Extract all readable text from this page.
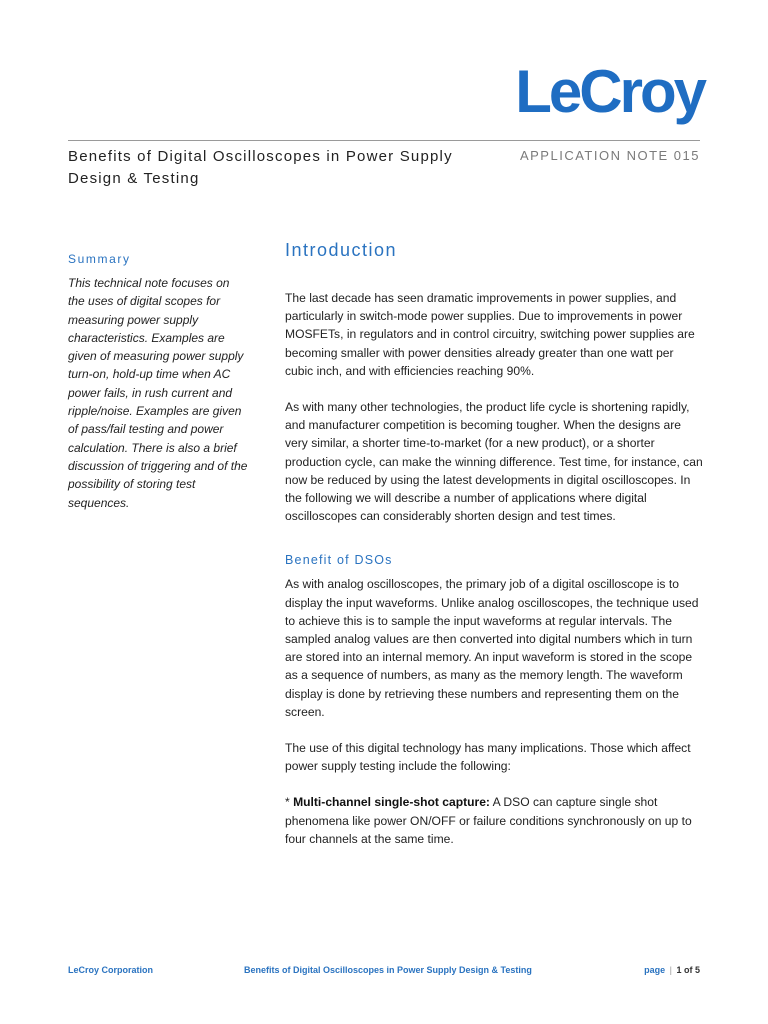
LeCroy
Benefits of Digital Oscilloscopes in Power Supply Design & Testing
APPLICATION NOTE 015
Summary

This technical note focuses on the uses of digital scopes for measuring power supply characteristics. Examples are given of measuring power supply turn-on, hold-up time when AC power fails, in rush current and ripple/noise. Examples are given of pass/fail testing and power calculation. There is also a brief discussion of triggering and of the possibility of storing test sequences.

Introduction

The last decade has seen dramatic improvements in power supplies, and particularly in switch-mode power supplies. Due to improvements in power MOSFETs, in regulators and in control circuitry, switching power supplies are becoming smaller with power densities already greater than one watt per cubic inch, and with efficiencies reaching 90%.

As with many other technologies, the product life cycle is shortening rapidly, and manufacturer competition is becoming tougher. When the designs are very similar, a shorter time-to-market (for a new product), or a shorter production cycle, can make the winning difference. Test time, for instance, can now be reduced by using the latest developments in digital oscilloscopes. In the following we will describe a number of applications where digital oscilloscopes can considerably shorten design and test times.

Benefit of DSOs

As with analog oscilloscopes, the primary job of a digital oscilloscope is to display the input waveforms. Unlike analog oscilloscopes, the technique used to achieve this is to sample the input waveforms at regular intervals. The sampled analog values are then converted into digital numbers which in turn are stored into an internal memory. An input waveform is stored in the scope as a sequence of numbers, as many as the memory length. The waveform display is done by retrieving these numbers and representing them on the screen.

The use of this digital technology has many implications. Those which affect power supply testing include the following:

* Multi-channel single-shot capture: A DSO can capture single shot phenomena like power ON/OFF or failure conditions synchronously on up to four channels at the same time.

LeCroy Corporation	Benefits of Digital Oscilloscopes in Power Supply Design & Testing	page | 1 of 5
